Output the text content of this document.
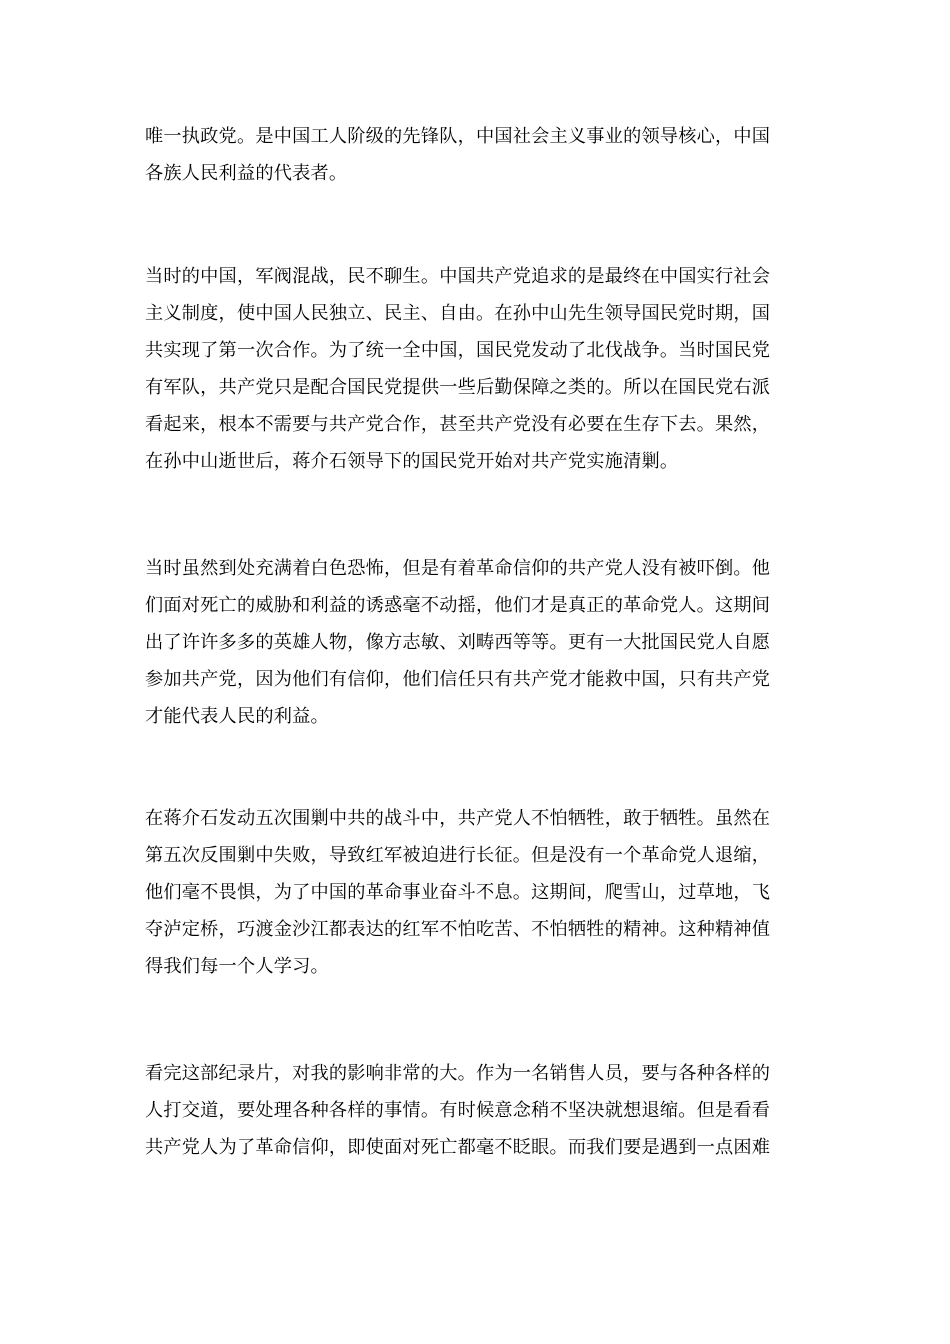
唯一执政党。是中国工人阶级的先锋队，中国社会主义事业的领导核心，中国
各族人民利益的代表者。
当时的中国，军阀混战，民不聊生。中国共产党追求的是最终在中国实行社会
主义制度，使中国人民独立、民主、自由。在孙中山先生领导国民党时期，国
共实现了第一次合作。为了统一全中国，国民党发动了北伐战争。当时国民党
有军队，共产党只是配合国民党提供一些后勤保障之类的。所以在国民党右派
看起来，根本不需要与共产党合作，甚至共产党没有必要在生存下去。果然，
在孙中山逝世后，蒋介石领导下的国民党开始对共产党实施清剿。
当时虽然到处充满着白色恐怖，但是有着革命信仰的共产党人没有被吓倒。他
们面对死亡的威胁和利益的诱惑毫不动摇，他们才是真正的革命党人。这期间
出了许许多多的英雄人物，像方志敏、刘畴西等等。更有一大批国民党人自愿
参加共产党，因为他们有信仰，他们信任只有共产党才能救中国，只有共产党
才能代表人民的利益。
在蒋介石发动五次围剿中共的战斗中，共产党人不怕牺牲，敢于牺牲。虽然在
第五次反围剿中失败，导致红军被迫进行长征。但是没有一个革命党人退缩，
他们毫不畏惧，为了中国的革命事业奋斗不息。这期间，爬雪山，过草地，飞
夺泸定桥，巧渡金沙江都表达的红军不怕吃苦、不怕牺牲的精神。这种精神值
得我们每一个人学习。
看完这部纪录片，对我的影响非常的大。作为一名销售人员，要与各种各样的
人打交道，要处理各种各样的事情。有时候意念稍不坚决就想退缩。但是看看
共产党人为了革命信仰，即使面对死亡都毫不眨眼。而我们要是遇到一点困难
